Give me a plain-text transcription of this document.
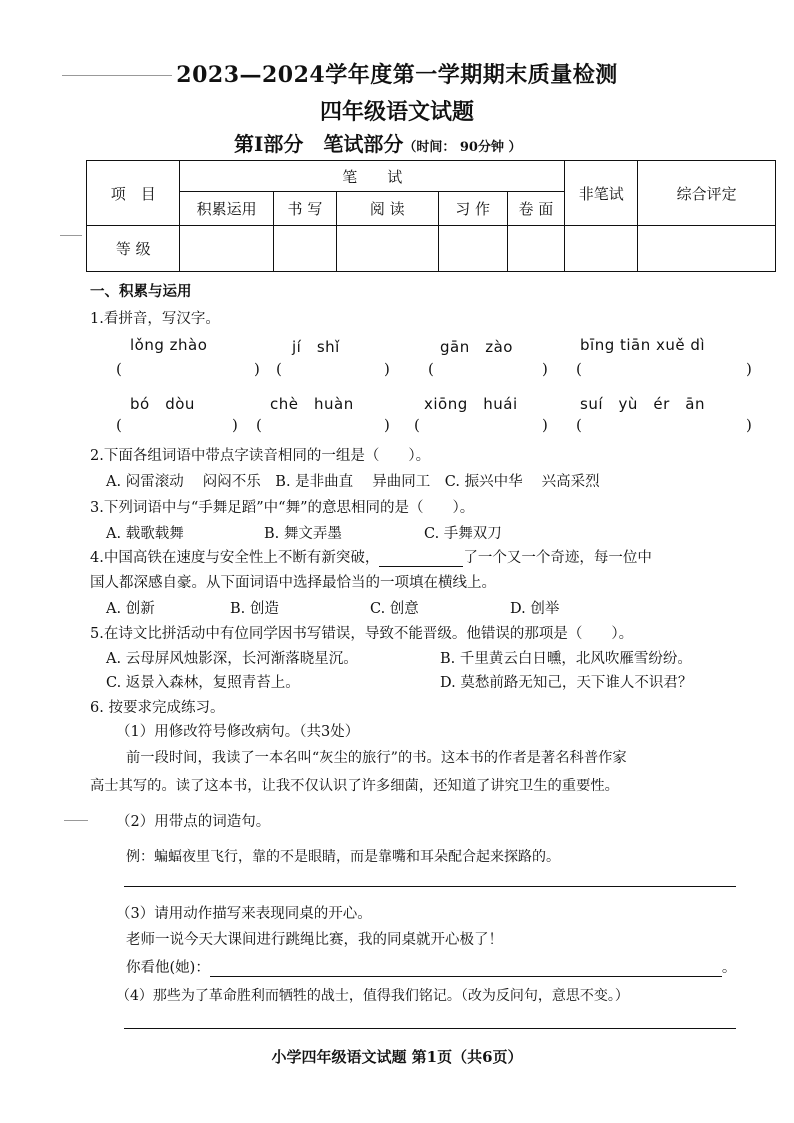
2023—2024学年度第一学期期末质量检测
四年级语文试题
第Ⅰ部分　笔试部分（时间： 90分钟 ）
项　目	笔　　试					非笔试	综合评定
	积累运用	书 写	阅 读	习 作	卷 面		
等 级							
一、积累与运用
1.看拼音，写汉字。
lǒng zhào	jí　shǐ	gān　zào	bīng tiān xuě dì
(	) (	)	(	) (	)
bó　dòu	chè　huàn	xiōng　huái	suí　yù　ér　ān
(	) (	) (	) (	)
2.下面各组词语中带点字读音相同的一组是（　　）。
A. 闷雷滚动　 闷闷不乐　B. 是非曲直　 异曲同工　C. 振兴中华　 兴高采烈
3.下列词语中与“手舞足蹈”中“舞”的意思相同的是（　　）。
A. 载歌载舞	B. 舞文弄墨	C. 手舞双刀
4.中国高铁在速度与安全性上不断有新突破，	了一个又一个奇迹，每一位中
国人都深感自豪。从下面词语中选择最恰当的一项填在横线上。
A. 创新	B. 创造	C. 创意	D. 创举
5.在诗文比拼活动中有位同学因书写错误，导致不能晋级。他错误的那项是（　　）。
A. 云母屏风烛影深，长河渐落晓星沉。	B. 千里黄云白日曛，北风吹雁雪纷纷。
C. 返景入森林，复照青苔上。	D. 莫愁前路无知己，天下谁人不识君？
6. 按要求完成练习。
（1）用修改符号修改病句。（共3处）
前一段时间，我读了一本名叫“灰尘的旅行”的书。这本书的作者是著名科普作家
高士其写的。读了这本书，让我不仅认识了许多细菌，还知道了讲究卫生的重要性。
（2）用带点的词造句。
例：蝙蝠夜里飞行，靠的不是眼睛，而是靠嘴和耳朵配合起来探路的。
（3）请用动作描写来表现同桌的开心。
老师一说今天大课间进行跳绳比赛，我的同桌就开心极了！
你看他(她)：	。
（4）那些为了革命胜利而牺牲的战士，值得我们铭记。（改为反问句，意思不变。）
小学四年级语文试题 第1页（共6页）
